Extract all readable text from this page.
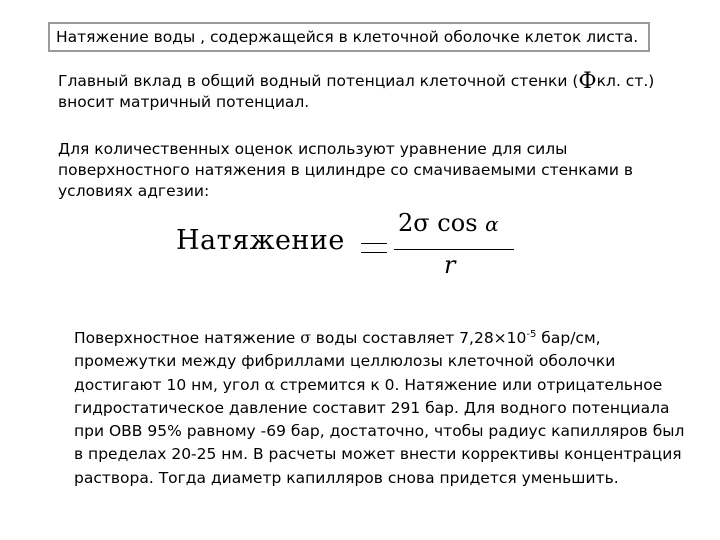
Натяжение воды , содержащейся в клеточной оболочке клеток листа.

Главный вклад в общий водный потенциал клеточной стенки (Фкл. ст.) вносит матричный потенциал.

Для количественных оценок используют уравнение для силы поверхностного натяжения в цилиндре со смачиваемыми стенками в условиях адгезии:

Натяжение
2σ cos α
r

Поверхностное натяжение σ воды составляет $7,28\times 10^{-5}$ бар/см, промежутки между фибриллами целлюлозы клеточной оболочки достигают 10 нм, угол α стремится к 0. Натяжение или отрицательное гидростатическое давление составит 291 бар. Для водного потенциала при ОВВ 95% равному -69 бар, достаточно, чтобы радиус капилляров был в пределах 20-25 нм. В расчеты может внести коррективы концентрация раствора. Тогда диаметр капилляров снова придется уменьшить.
